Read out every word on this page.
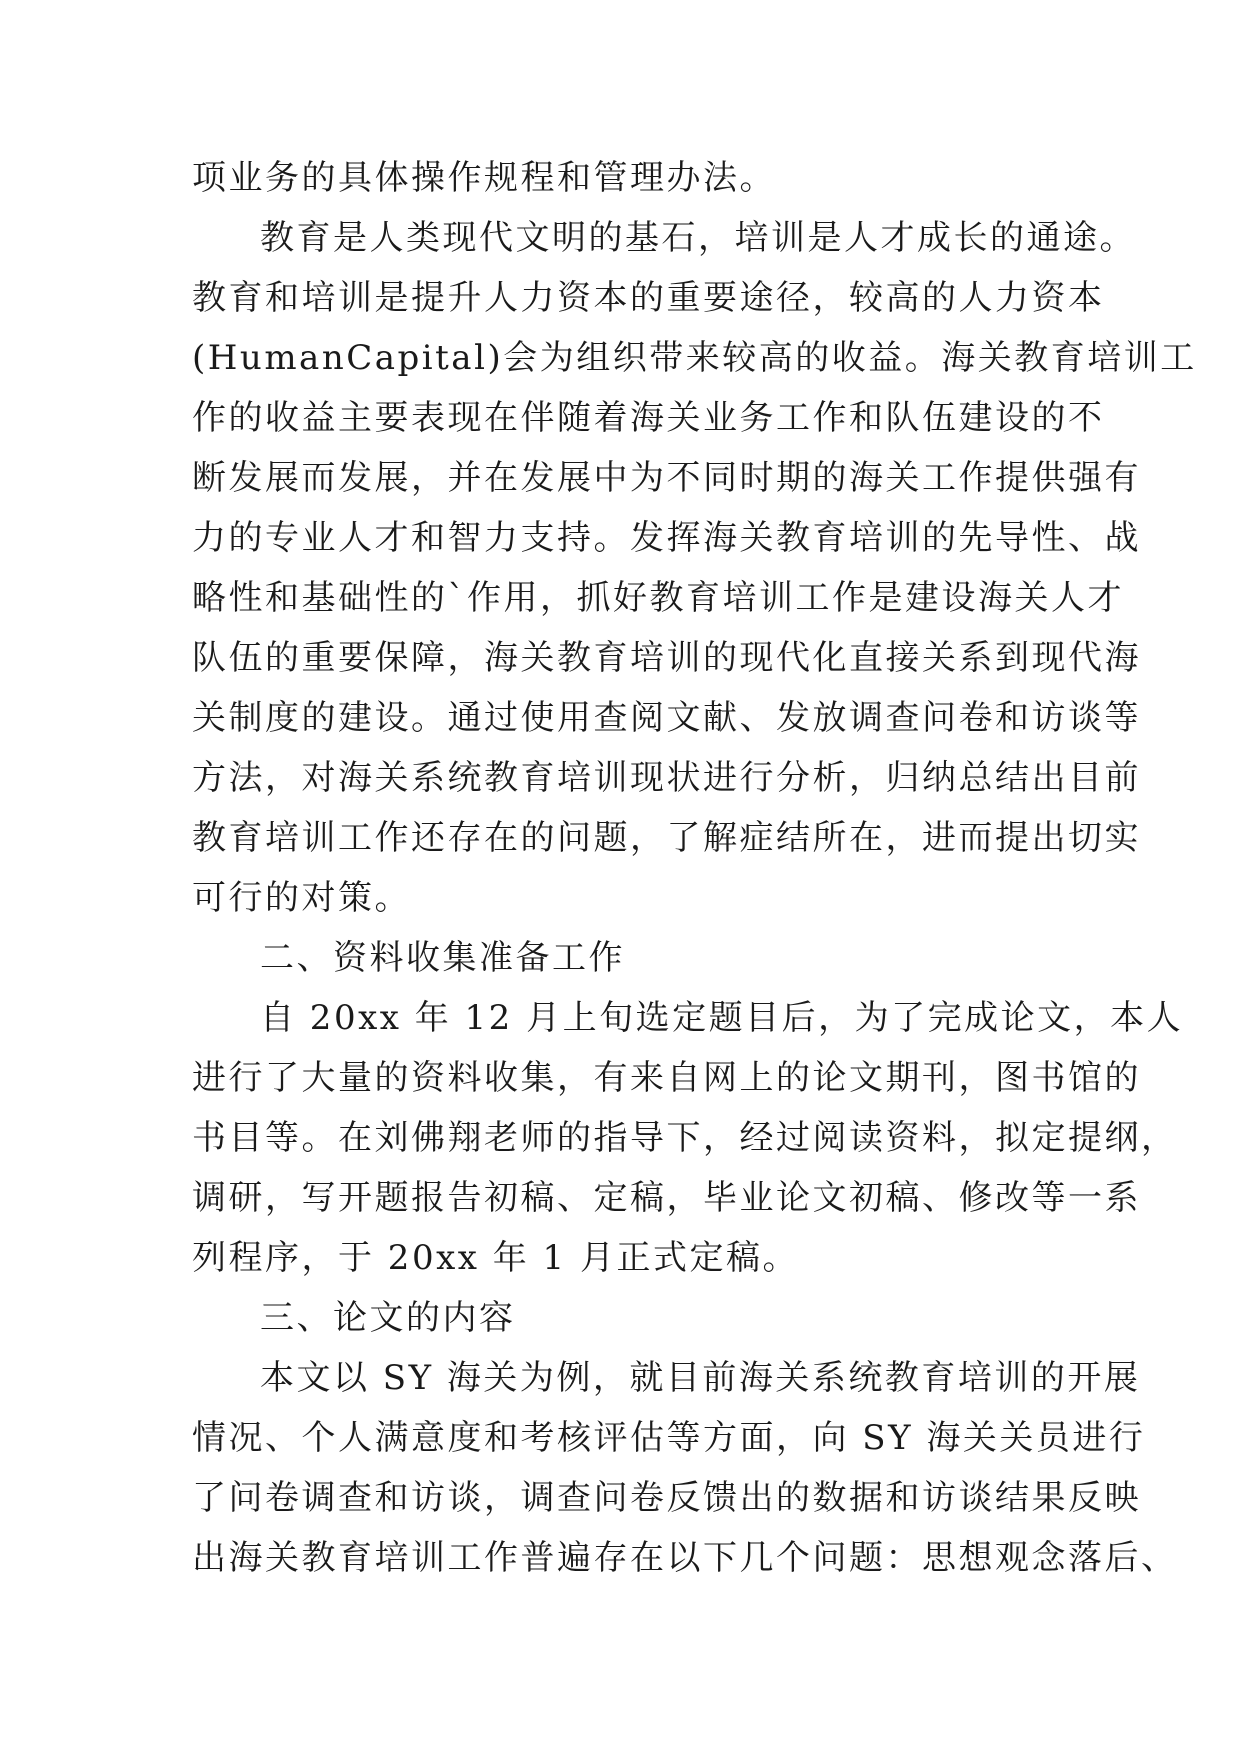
项业务的具体操作规程和管理办法。
教育是人类现代文明的基石，培训是人才成长的通途。
教育和培训是提升人力资本的重要途径，较高的人力资本
(HumanCapital)会为组织带来较高的收益。海关教育培训工
作的收益主要表现在伴随着海关业务工作和队伍建设的不
断发展而发展，并在发展中为不同时期的海关工作提供强有
力的专业人才和智力支持。发挥海关教育培训的先导性、战
略性和基础性的`作用，抓好教育培训工作是建设海关人才
队伍的重要保障，海关教育培训的现代化直接关系到现代海
关制度的建设。通过使用查阅文献、发放调查问卷和访谈等
方法，对海关系统教育培训现状进行分析，归纳总结出目前
教育培训工作还存在的问题，了解症结所在，进而提出切实
可行的对策。
二、资料收集准备工作
自 20xx 年 12 月上旬选定题目后，为了完成论文，本人
进行了大量的资料收集，有来自网上的论文期刊，图书馆的
书目等。在刘佛翔老师的指导下，经过阅读资料，拟定提纲，
调研，写开题报告初稿、定稿，毕业论文初稿、修改等一系
列程序，于 20xx 年 1 月正式定稿。
三、论文的内容
本文以 SY 海关为例，就目前海关系统教育培训的开展
情况、个人满意度和考核评估等方面，向 SY 海关关员进行
了问卷调查和访谈，调查问卷反馈出的数据和访谈结果反映
出海关教育培训工作普遍存在以下几个问题：思想观念落后、
